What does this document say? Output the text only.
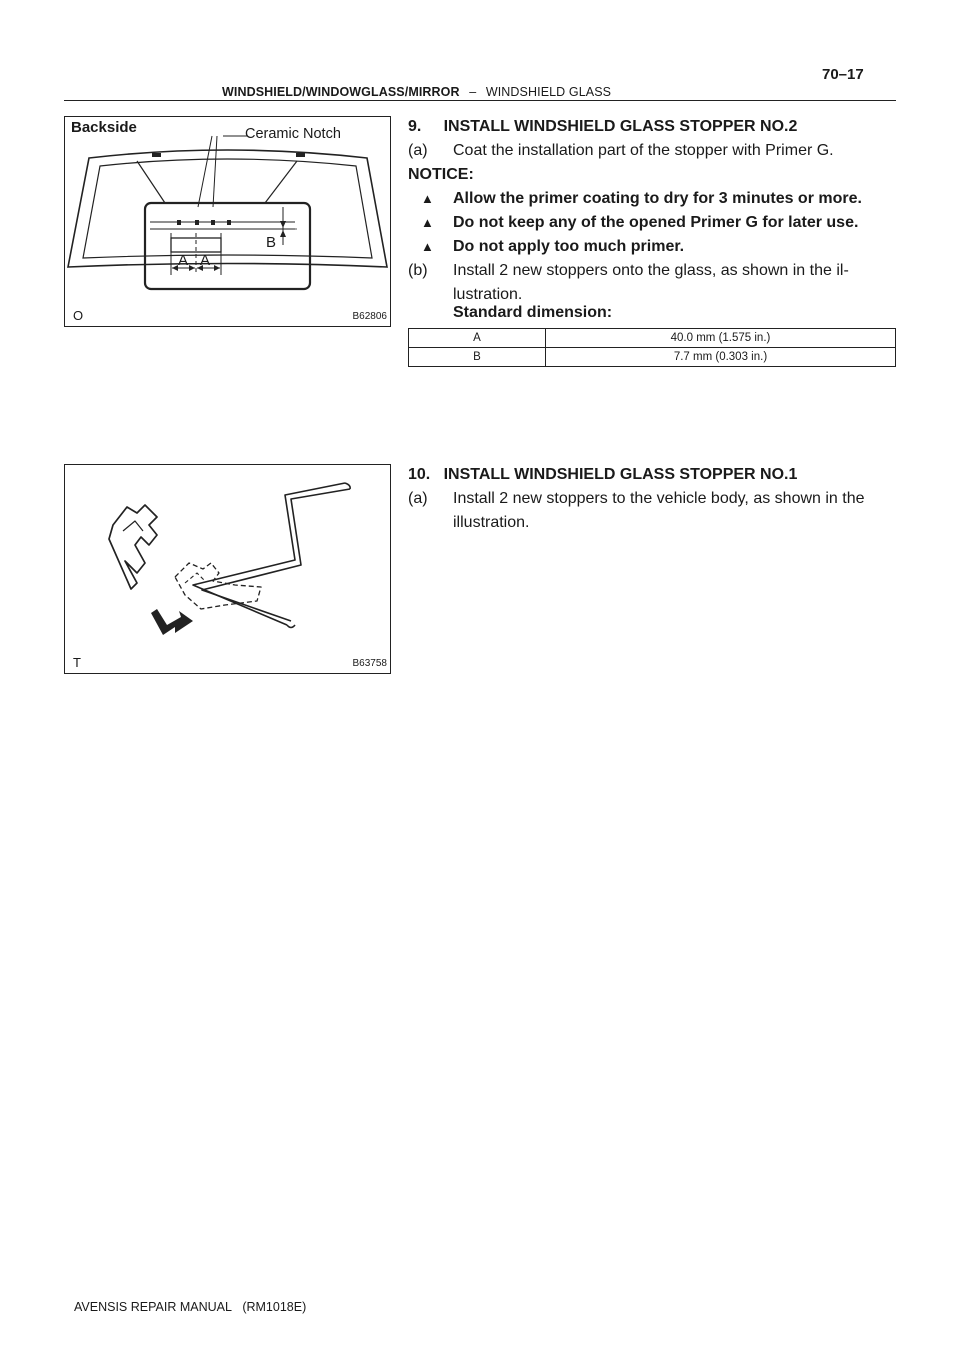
70–17
WINDSHIELD/WINDOWGLASS/MIRROR – WINDSHIELD GLASS
Backside	Ceramic Notch
A A
B
O	B62806
T	B63758
9.     INSTALL WINDSHIELD GLASS STOPPER NO.2
(a) Coat the installation part of the stopper with Primer G.
NOTICE:
▲ Allow the primer coating to dry for 3 minutes or more.
▲ Do not keep any of the opened Primer G for later use.
▲ Do not apply too much primer.
(b) Install 2 new stoppers onto the glass, as shown in the il-
lustration.
Standard dimension:
A	40.0 mm (1.575 in.)
B	7.7 mm (0.303 in.)
10.   INSTALL WINDSHIELD GLASS STOPPER NO.1
(a) Install 2 new stoppers to the vehicle body, as shown in the
illustration.
AVENSIS REPAIR MANUAL   (RM1018E)
